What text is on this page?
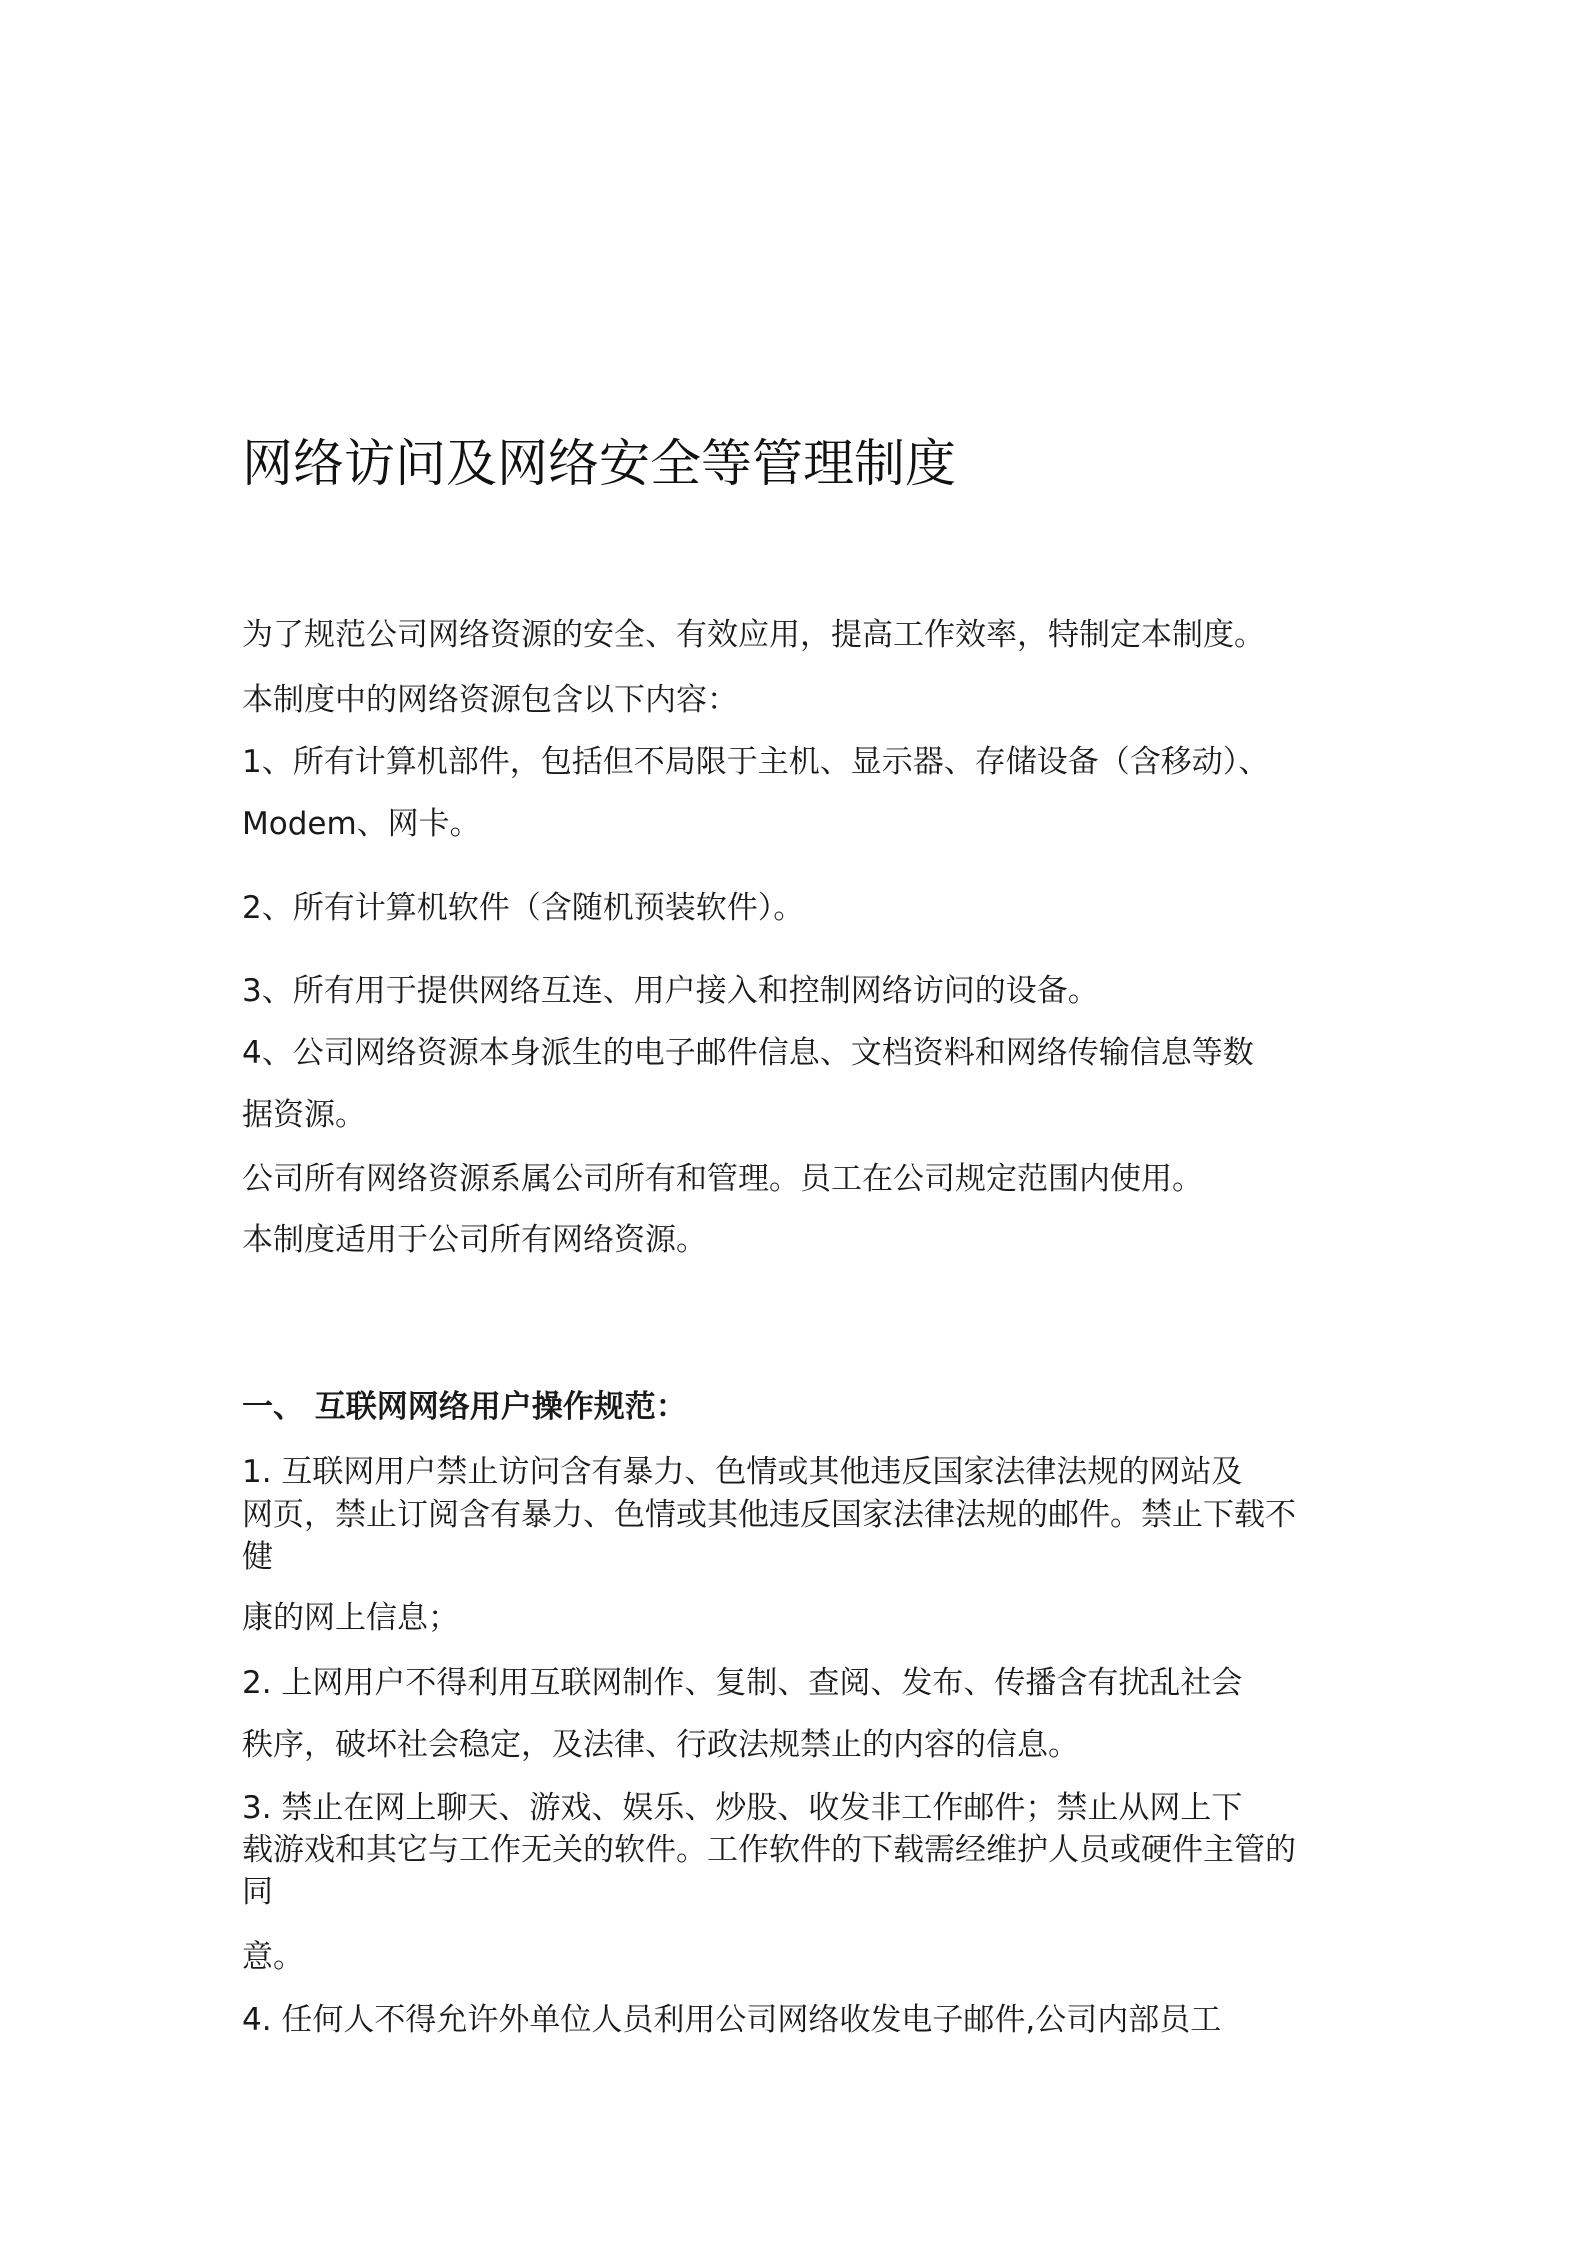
网络访问及网络安全等管理制度
为了规范公司网络资源的安全、有效应用，提高工作效率，特制定本制度。
本制度中的网络资源包含以下内容：
1、所有计算机部件，包括但不局限于主机、显示器、存储设备（含移动）、
Modem、网卡。
2、所有计算机软件（含随机预装软件）。
3、所有用于提供网络互连、用户接入和控制网络访问的设备。
4、公司网络资源本身派生的电子邮件信息、文档资料和网络传输信息等数
据资源。
公司所有网络资源系属公司所有和管理。员工在公司规定范围内使用。
本制度适用于公司所有网络资源。
一、 互联网网络用户操作规范：
1. 互联网用户禁止访问含有暴力、色情或其他违反国家法律法规的网站及
网页，禁止订阅含有暴力、色情或其他违反国家法律法规的邮件。禁止下载不
健
康的网上信息；
2. 上网用户不得利用互联网制作、复制、查阅、发布、传播含有扰乱社会
秩序，破坏社会稳定，及法律、行政法规禁止的内容的信息。
3. 禁止在网上聊天、游戏、娱乐、炒股、收发非工作邮件；禁止从网上下
载游戏和其它与工作无关的软件。工作软件的下载需经维护人员或硬件主管的
同
意。
4. 任何人不得允许外单位人员利用公司网络收发电子邮件,公司内部员工
